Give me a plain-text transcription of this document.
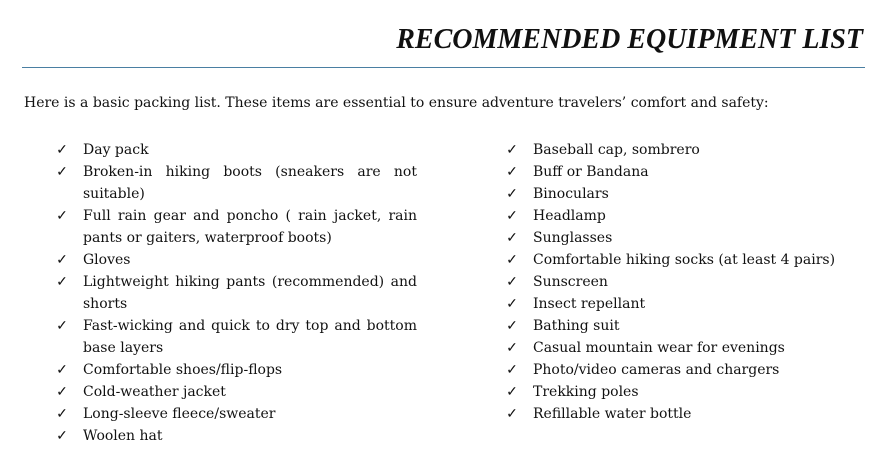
RECOMMENDED EQUIPMENT LIST
Here is a basic packing list. These items are essential to ensure adventure travelers’ comfort and safety:
✓ Day pack
✓ Broken-in hiking boots (sneakers are not suitable)
✓ Full rain gear and poncho ( rain jacket, rain pants or gaiters, waterproof boots)
✓ Gloves
✓ Lightweight hiking pants (recommended) and shorts
✓ Fast-wicking and quick to dry top and bottom base layers
✓ Comfortable shoes/flip-flops
✓ Cold-weather jacket
✓ Long-sleeve fleece/sweater
✓ Woolen hat
✓ Baseball cap, sombrero
✓ Buff or Bandana
✓ Binoculars
✓ Headlamp
✓ Sunglasses
✓ Comfortable hiking socks (at least 4 pairs)
✓ Sunscreen
✓ Insect repellant
✓ Bathing suit
✓ Casual mountain wear for evenings
✓ Photo/video cameras and chargers
✓ Trekking poles
✓ Refillable water bottle
